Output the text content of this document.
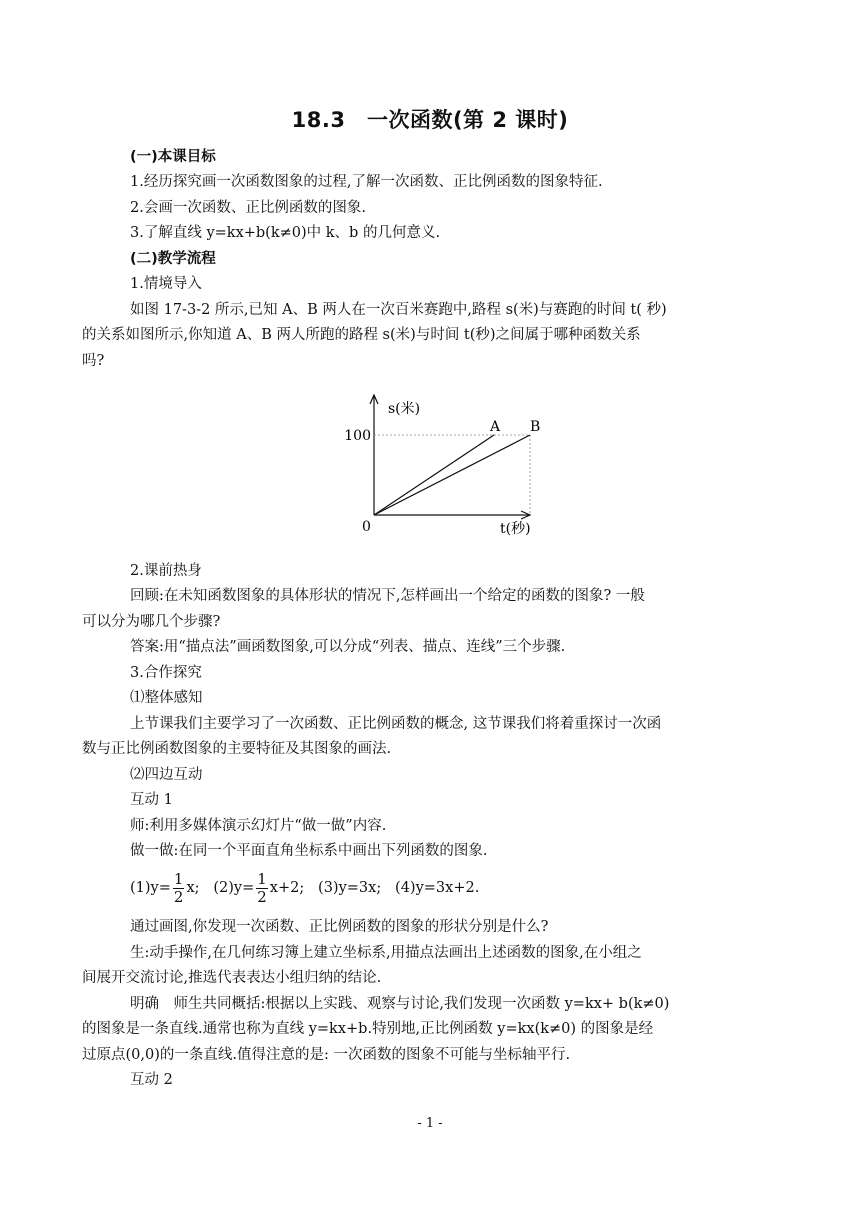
18.3　一次函数(第 2 课时)
(一)本课目标
1.经历探究画一次函数图象的过程,了解一次函数、正比例函数的图象特征.
2.会画一次函数、正比例函数的图象.
3.了解直线 y=kx+b(k≠0)中 k、b 的几何意义.
(二)教学流程
1.情境导入
如图 17-3-2 所示,已知 A、B 两人在一次百米赛跑中,路程 s(米)与赛跑的时间 t( 秒)
的关系如图所示,你知道 A、B 两人所跑的路程 s(米)与时间 t(秒)之间属于哪种函数关系
吗?
100
A B
s(米)
t(秒)
0
2.课前热身
回顾:在未知函数图象的具体形状的情况下,怎样画出一个给定的函数的图象? 一般
可以分为哪几个步骤?
答案:用“描点法”画函数图象,可以分成“列表、描点、连线”三个步骤.
3.合作探究
⑴整体感知
上节课我们主要学习了一次函数、正比例函数的概念, 这节课我们将着重探讨一次函
数与正比例函数图象的主要特征及其图象的画法.
⑵四边互动
互动 1
师:利用多媒体演示幻灯片“做一做”内容.
做一做:在同一个平面直角坐标系中画出下列函数的图象.
$(1)y= \frac{1}{2} x$; $(2)y= \frac{1}{2} x+2$; (3)y=3x; (4)y=3x+2.
通过画图,你发现一次函数、正比例函数的图象的形状分别是什么?
生:动手操作,在几何练习簿上建立坐标系,用描点法画出上述函数的图象,在小组之
间展开交流讨论,推选代表表达小组归纳的结论.
明确　师生共同概括:根据以上实践、观察与讨论,我们发现一次函数 y=kx+ b(k≠0)
的图象是一条直线.通常也称为直线 y=kx+b.特别地,正比例函数 y=kx(k≠0) 的图象是经
过原点(0,0)的一条直线.值得注意的是: 一次函数的图象不可能与坐标轴平行.
互动 2
- 1 -
